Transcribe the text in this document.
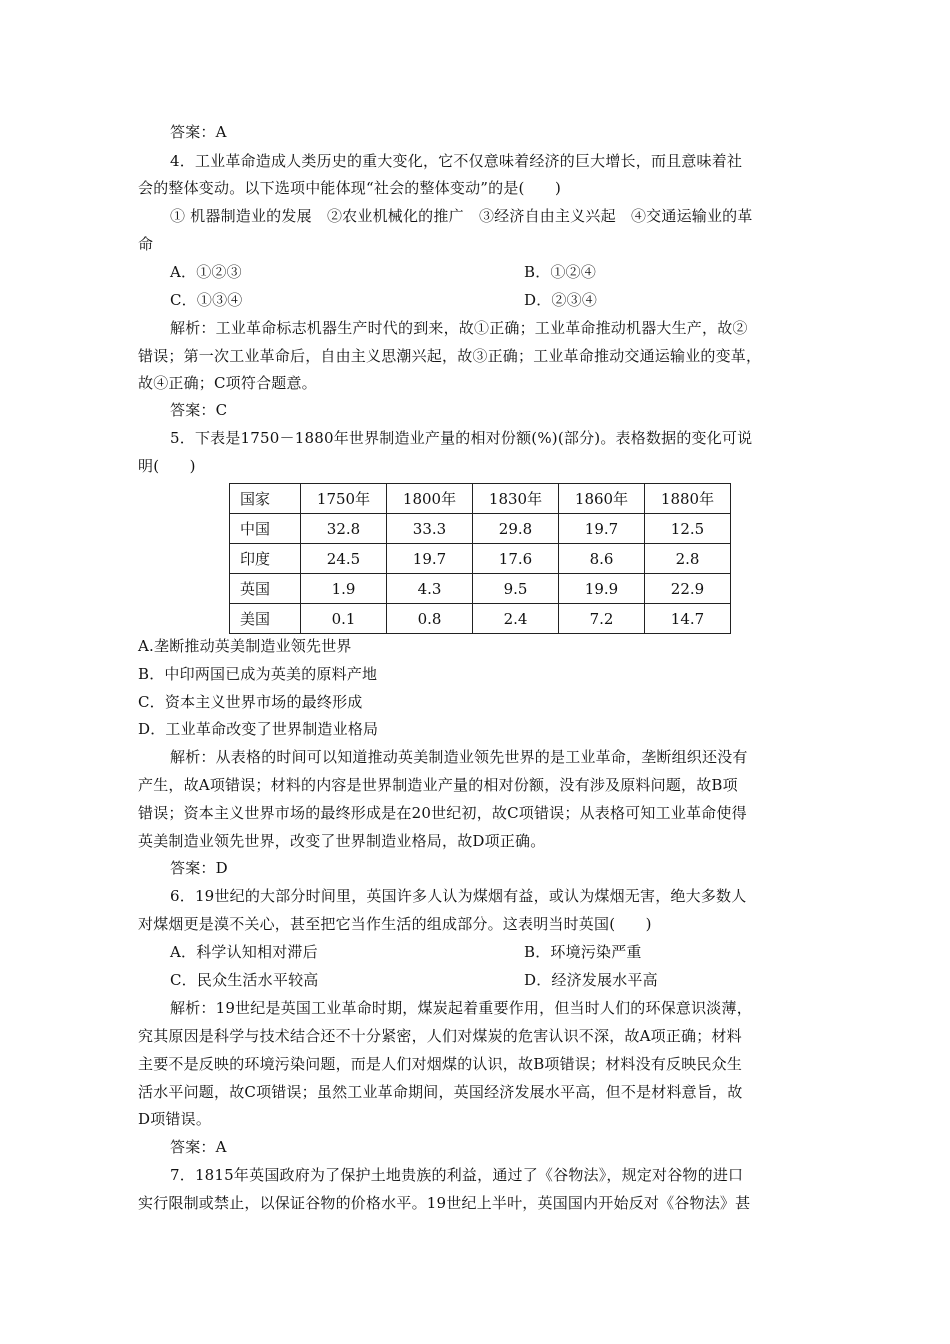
答案：A
4．工业革命造成人类历史的重大变化，它不仅意味着经济的巨大增长，而且意味着社
会的整体变动。以下选项中能体现“社会的整体变动”的是(　　)
① 机器制造业的发展　②农业机械化的推广　③经济自由主义兴起　④交通运输业的革
命
A．①②③	B．①②④
C．①③④	D．②③④
解析：工业革命标志机器生产时代的到来，故①正确；工业革命推动机器大生产，故②
错误；第一次工业革命后，自由主义思潮兴起，故③正确；工业革命推动交通运输业的变革，
故④正确；C项符合题意。
答案：C
5．下表是1750－1880年世界制造业产量的相对份额(%)(部分)。表格数据的变化可说
明(　　)
国家	1750年	1800年	1830年	1860年	1880年
中国	32.8	33.3	29.8	19.7	12.5
印度	24.5	19.7	17.6	8.6	2.8
英国	1.9	4.3	9.5	19.9	22.9
美国	0.1	0.8	2.4	7.2	14.7
A.垄断推动英美制造业领先世界
B．中印两国已成为英美的原料产地
C．资本主义世界市场的最终形成
D．工业革命改变了世界制造业格局
解析：从表格的时间可以知道推动英美制造业领先世界的是工业革命，垄断组织还没有
产生，故A项错误；材料的内容是世界制造业产量的相对份额，没有涉及原料问题，故B项
错误；资本主义世界市场的最终形成是在20世纪初，故C项错误；从表格可知工业革命使得
英美制造业领先世界，改变了世界制造业格局，故D项正确。
答案：D
6．19世纪的大部分时间里，英国许多人认为煤烟有益，或认为煤烟无害，绝大多数人
对煤烟更是漠不关心，甚至把它当作生活的组成部分。这表明当时英国(　　)
A．科学认知相对滞后	B．环境污染严重
C．民众生活水平较高	D．经济发展水平高
解析：19世纪是英国工业革命时期，煤炭起着重要作用，但当时人们的环保意识淡薄，
究其原因是科学与技术结合还不十分紧密，人们对煤炭的危害认识不深，故A项正确；材料
主要不是反映的环境污染问题，而是人们对烟煤的认识，故B项错误；材料没有反映民众生
活水平问题，故C项错误；虽然工业革命期间，英国经济发展水平高，但不是材料意旨，故
D项错误。
答案：A
7．1815年英国政府为了保护土地贵族的利益，通过了《谷物法》，规定对谷物的进口
实行限制或禁止，以保证谷物的价格水平。19世纪上半叶，英国国内开始反对《谷物法》甚
